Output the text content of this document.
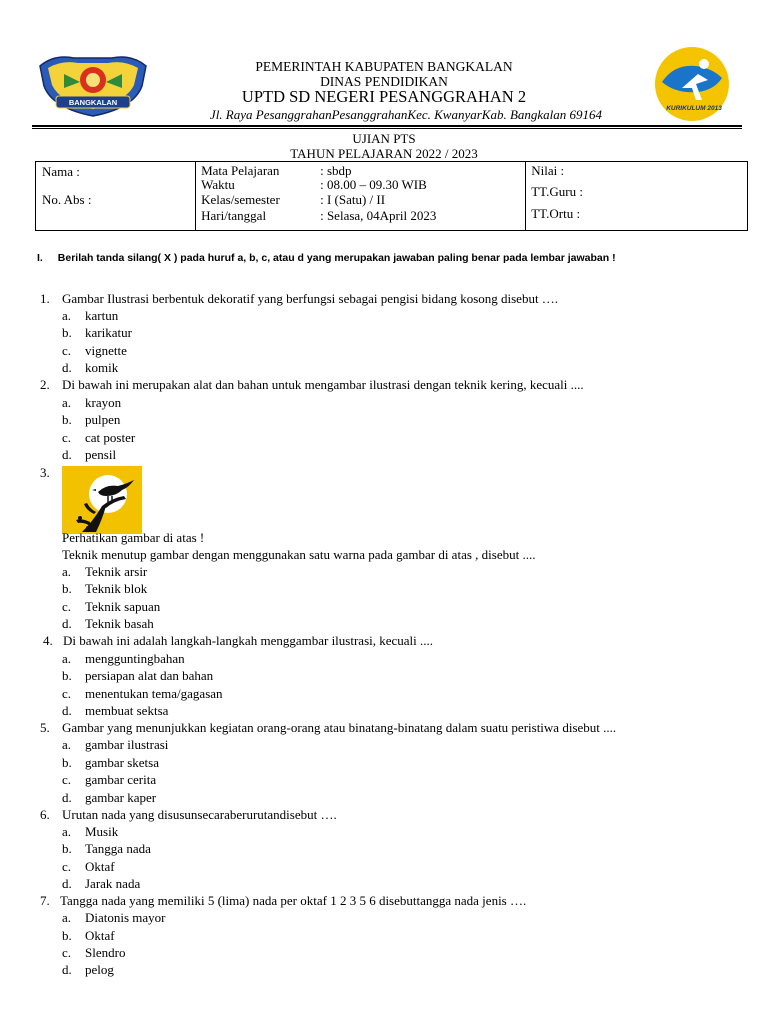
BANGKALAN
KURIKULUM 2013
PEMERINTAH KABUPATEN BANGKALAN
DINAS PENDIDIKAN
UPTD SD NEGERI PESANGGRAHAN 2
Jl. Raya PesanggrahanPesanggrahanKec. KwanyarKab. Bangkalan 69164
UJIAN PTS
TAHUN PELAJARAN 2022 / 2023
Nama :
No. Abs :

Mata Pelajaran	: sbdp
Waktu	: 08.00 – 09.30 WIB
Kelas/semester	: I (Satu) / II
Hari/tanggal	: Selasa, 04April 2023

Nilai :
TT.Guru :
TT.Ortu :
I. Berilah tanda silang( X ) pada huruf a, b, c, atau d yang merupakan jawaban paling benar pada lembar jawaban !
1. Gambar Ilustrasi berbentuk dekoratif yang berfungsi sebagai pengisi bidang kosong disebut ….
a. kartun
b. karikatur
c. vignette
d. komik
2. Di bawah ini merupakan alat dan bahan untuk mengambar ilustrasi dengan teknik kering, kecuali ....
a. krayon
b. pulpen
c. cat poster
d. pensil
3.
Perhatikan gambar di atas !
Teknik menutup gambar dengan menggunakan satu warna pada gambar di atas , disebut ....
a. Teknik arsir
b. Teknik blok
c. Teknik sapuan
d. Teknik basah
4. Di bawah ini adalah langkah-langkah menggambar ilustrasi, kecuali ....
a. mengguntingbahan
b. persiapan alat dan bahan
c. menentukan tema/gagasan
d. membuat sektsa
5. Gambar yang menunjukkan kegiatan orang-orang atau binatang-binatang dalam suatu peristiwa disebut ....
a. gambar ilustrasi
b. gambar sketsa
c. gambar cerita
d. gambar kaper
6. Urutan nada yang disusunsecaraberurutandisebut ….
a. Musik
b. Tangga nada
c. Oktaf
d. Jarak nada
7. Tangga nada yang memiliki 5 (lima) nada per oktaf 1 2 3 5 6 disebuttangga nada jenis ….
a. Diatonis mayor
b. Oktaf
c. Slendro
d. pelog
